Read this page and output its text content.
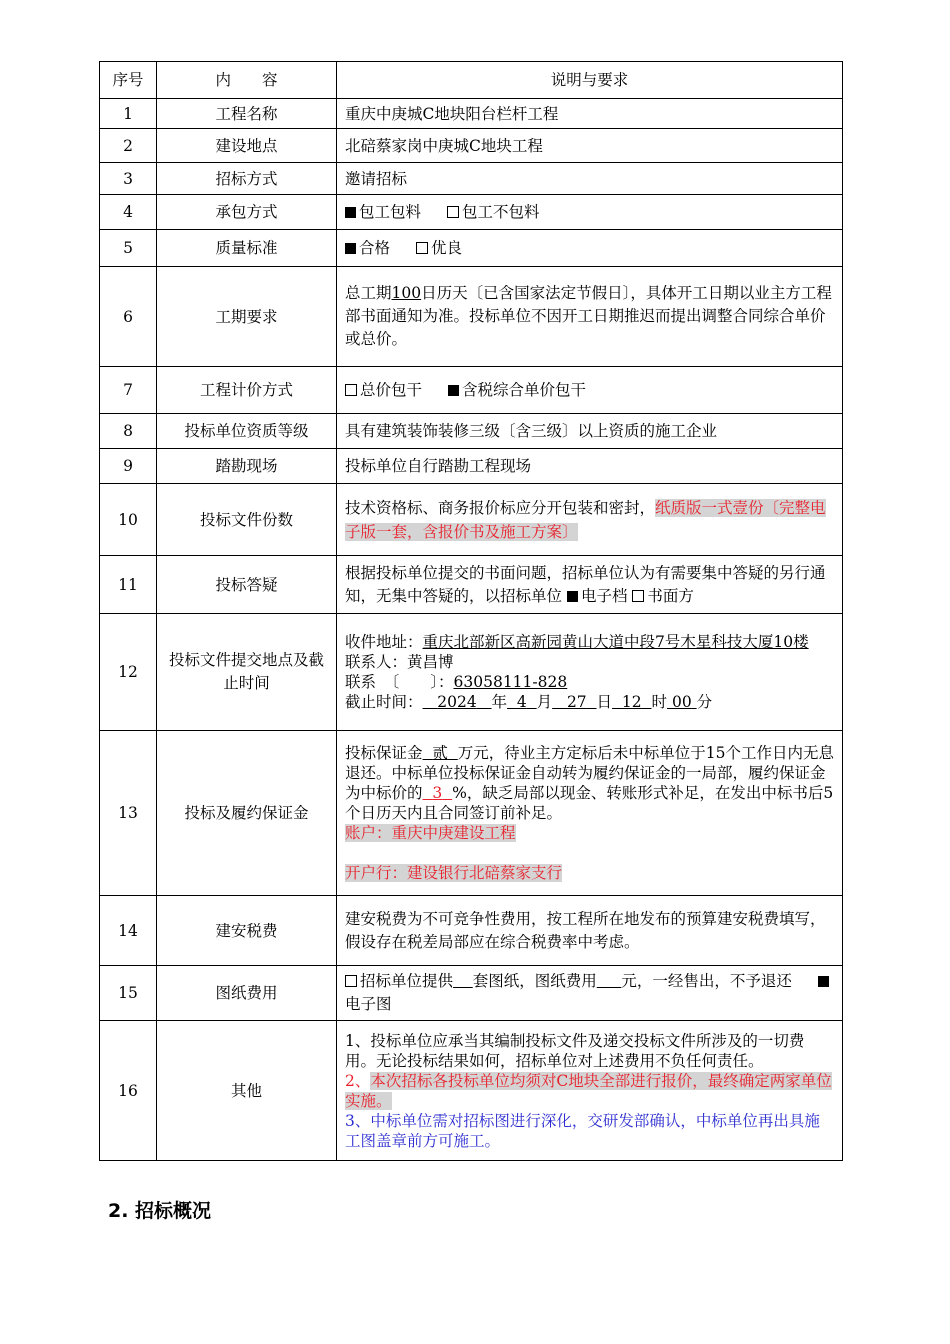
序号	内　　容	说明与要求
1	工程名称	重庆中庚城C地块阳台栏杆工程
2	建设地点	北碚蔡家岗中庚城C地块工程
3	招标方式	邀请招标
4	承包方式	包工包料 包工不包料
5	质量标准	合格 优良
6	工期要求	总工期100日历天〔已含国家法定节假日〕，具体开工日期以业主方工程部书面通知为准。投标单位不因开工日期推迟而提出调整合同综合单价或总价。
7	工程计价方式	总价包干 含税综合单价包干
8	投标单位资质等级	具有建筑装饰装修三级〔含三级〕以上资质的施工企业
9	踏勘现场	投标单位自行踏勘工程现场
10	投标文件份数	技术资格标、商务报价标应分开包装和密封，纸质版一式壹份〔完整电子版一套，含报价书及施工方案〕
11	投标答疑	根据投标单位提交的书面问题，招标单位认为有需要集中答疑的另行通知，无集中答疑的，以招标单位 电子档 书面方
12	投标文件提交地点及截止时间	收件地址：重庆北部新区高新园黄山大道中段7号木星科技大厦10楼
联系人：黄昌博
联系　〔　　〕：63058111-828
截止时间： 2024 年 4 月 27 日 12 时 00 分

13	投标及履约保证金	投标保证金 贰 万元，待业主方定标后未中标单位于15个工作日内无息退还。中标单位投标保证金自动转为履约保证金的一局部，履约保证金为中标价的 3 %，缺乏局部以现金、转账形式补足，在发出中标书后5个日历天内且合同签订前补足。
账户：重庆中庚建设工程
开户行：建设银行北碚蔡家支行

14	建安税费	建安税费为不可竞争性费用，按工程所在地发布的预算建安税费填写，假设存在税差局部应在综合税费率中考虑。
15	图纸费用	招标单位提供 套图纸，图纸费用 元，一经售出，不予退还电子图
16	其他	1、投标单位应承当其编制投标文件及递交投标文件所涉及的一切费用。无论投标结果如何，招标单位对上述费用不负任何责任。
2、本次招标各投标单位均须对C地块全部进行报价，最终确定两家单位实施。
3、中标单位需对招标图进行深化，交研发部确认，中标单位再出具施工图盖章前方可施工。
2. 招标概况
